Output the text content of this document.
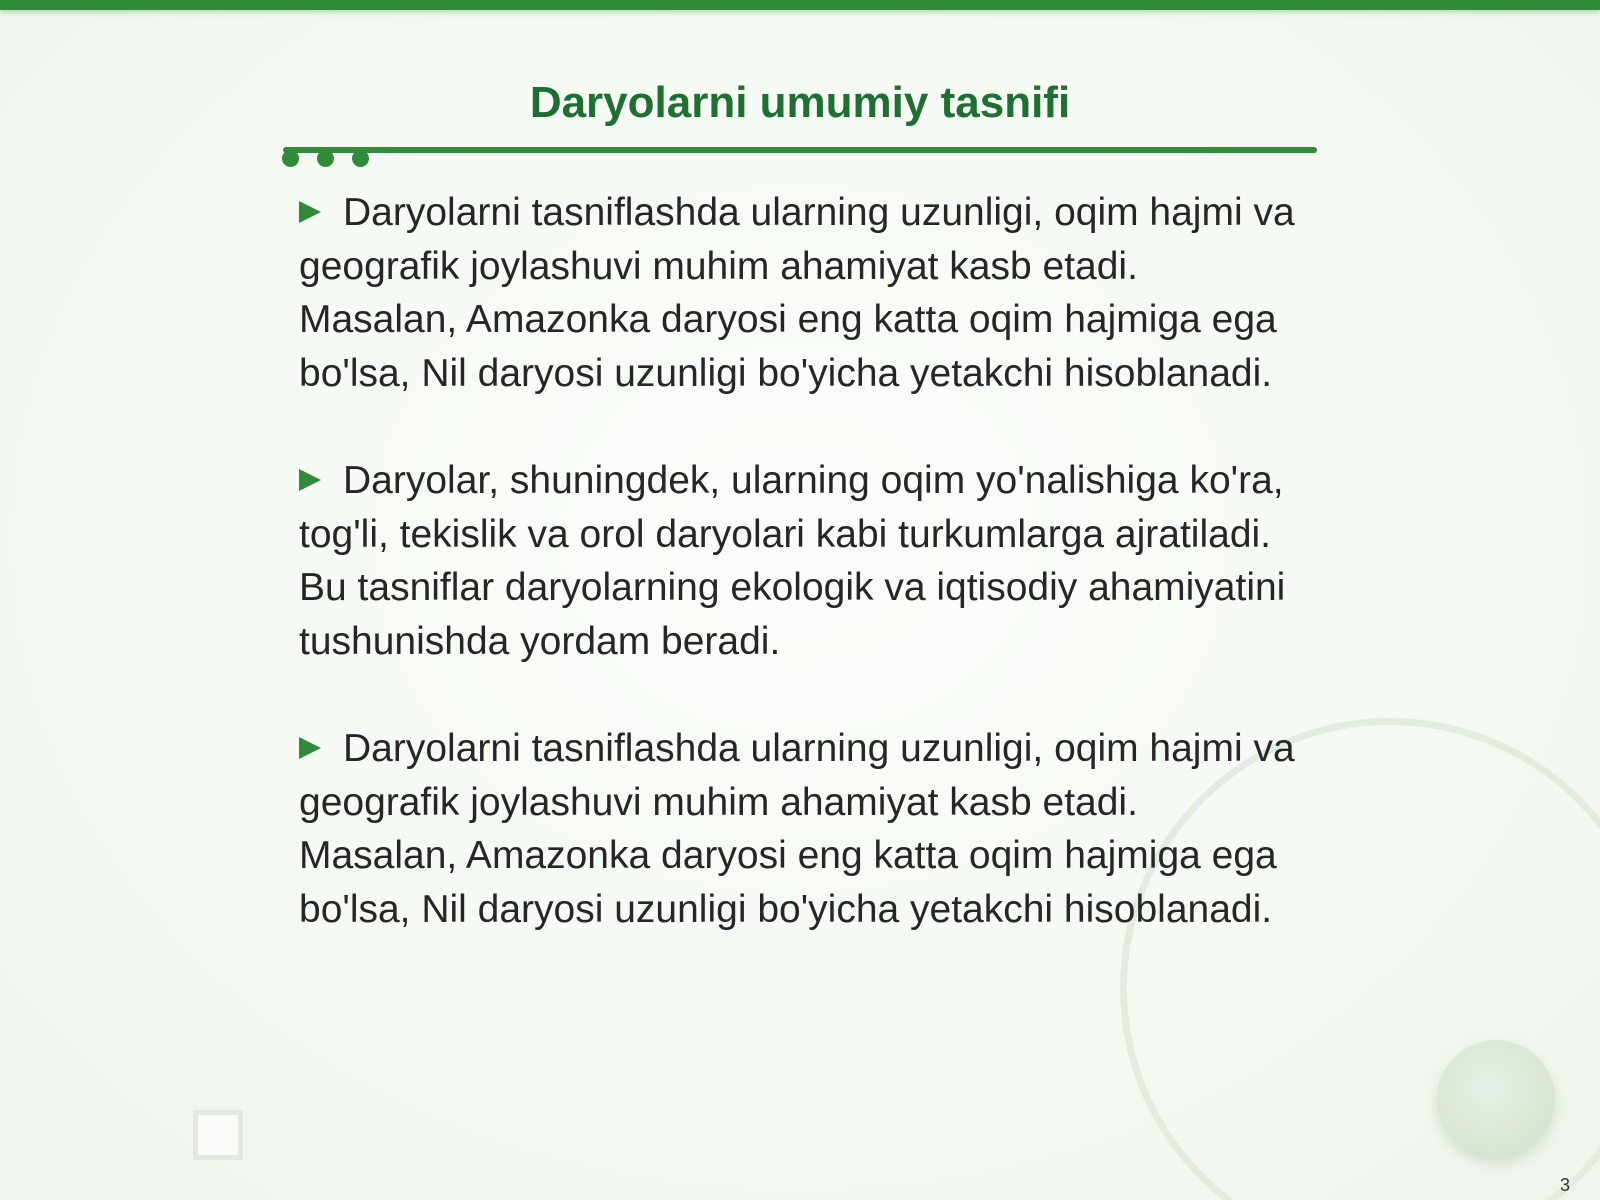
Daryolarni umumiy tasnifi

Daryolarni tasniflashda ularning uzunligi, oqim hajmi va geografik joylashuvi muhim ahamiyat kasb etadi. Masalan, Amazonka daryosi eng katta oqim hajmiga ega bo'lsa, Nil daryosi uzunligi bo'yicha yetakchi hisoblanadi.

Daryolar, shuningdek, ularning oqim yo'nalishiga ko'ra, tog'li, tekislik va orol daryolari kabi turkumlarga ajratiladi. Bu tasniflar daryolarning ekologik va iqtisodiy ahamiyatini tushunishda yordam beradi.

Daryolarni tasniflashda ularning uzunligi, oqim hajmi va geografik joylashuvi muhim ahamiyat kasb etadi. Masalan, Amazonka daryosi eng katta oqim hajmiga ega bo'lsa, Nil daryosi uzunligi bo'yicha yetakchi hisoblanadi.

3
